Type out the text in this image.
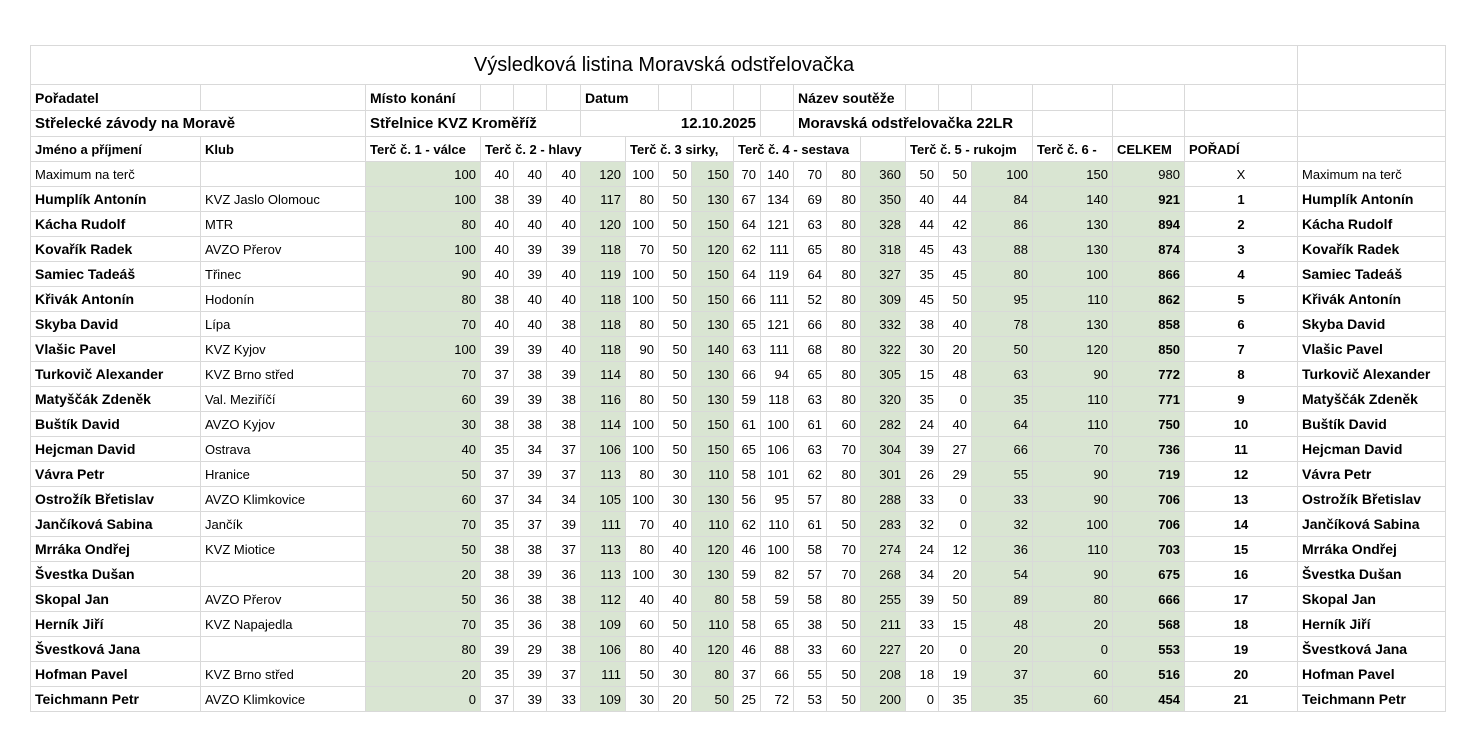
Výsledková listina Moravská odstřelovačka																					
Pořadatel		Místo konání				Datum						Název soutěže									
Střelecké závody na Moravě		Střelnice KVZ Kroměříž				12.10.2025						Moravská odstřelovačka 22LR									
Jméno a příjmení	Klub	Terč č. 1 - válce	Terč č. 2 - hlavy				Terč č. 3 sirky,			Terč č. 4 - sestava					Terč č. 5 - rukojm			Terč č. 6 -	CELKEM	POŘADÍ	
Maximum na terč		100	40	40	40	120	100	50	150	70	140	70	80	360	50	50	100	150	980	X	Maximum na terč
Humplík Antonín	KVZ Jaslo Olomouc	100	38	39	40	117	80	50	130	67	134	69	80	350	40	44	84	140	921	1	Humplík Antonín
Kácha Rudolf	MTR	80	40	40	40	120	100	50	150	64	121	63	80	328	44	42	86	130	894	2	Kácha Rudolf
Kovařík Radek	AVZO Přerov	100	40	39	39	118	70	50	120	62	111	65	80	318	45	43	88	130	874	3	Kovařík Radek
Samiec Tadeáš	Třinec	90	40	39	40	119	100	50	150	64	119	64	80	327	35	45	80	100	866	4	Samiec Tadeáš
Křivák Antonín	Hodonín	80	38	40	40	118	100	50	150	66	111	52	80	309	45	50	95	110	862	5	Křivák Antonín
Skyba David	Lípa	70	40	40	38	118	80	50	130	65	121	66	80	332	38	40	78	130	858	6	Skyba David
Vlašic Pavel	KVZ Kyjov	100	39	39	40	118	90	50	140	63	111	68	80	322	30	20	50	120	850	7	Vlašic Pavel
Turkovič Alexander	KVZ Brno střed	70	37	38	39	114	80	50	130	66	94	65	80	305	15	48	63	90	772	8	Turkovič Alexander
Matyščák Zdeněk	Val. Meziříčí	60	39	39	38	116	80	50	130	59	118	63	80	320	35	0	35	110	771	9	Matyščák Zdeněk
Buštík David	AVZO Kyjov	30	38	38	38	114	100	50	150	61	100	61	60	282	24	40	64	110	750	10	Buštík David
Hejcman David	Ostrava	40	35	34	37	106	100	50	150	65	106	63	70	304	39	27	66	70	736	11	Hejcman David
Vávra Petr	Hranice	50	37	39	37	113	80	30	110	58	101	62	80	301	26	29	55	90	719	12	Vávra Petr
Ostrožík Břetislav	AVZO Klimkovice	60	37	34	34	105	100	30	130	56	95	57	80	288	33	0	33	90	706	13	Ostrožík Břetislav
Jančíková Sabina	Jančík	70	35	37	39	111	70	40	110	62	110	61	50	283	32	0	32	100	706	14	Jančíková Sabina
Mrráka Ondřej	KVZ Miotice	50	38	38	37	113	80	40	120	46	100	58	70	274	24	12	36	110	703	15	Mrráka Ondřej
Švestka Dušan		20	38	39	36	113	100	30	130	59	82	57	70	268	34	20	54	90	675	16	Švestka Dušan
Skopal Jan	AVZO Přerov	50	36	38	38	112	40	40	80	58	59	58	80	255	39	50	89	80	666	17	Skopal Jan
Herník Jiří	KVZ Napajedla	70	35	36	38	109	60	50	110	58	65	38	50	211	33	15	48	20	568	18	Herník Jiří
Švestková Jana		80	39	29	38	106	80	40	120	46	88	33	60	227	20	0	20	0	553	19	Švestková Jana
Hofman Pavel	KVZ Brno střed	20	35	39	37	111	50	30	80	37	66	55	50	208	18	19	37	60	516	20	Hofman Pavel
Teichmann Petr	AVZO Klimkovice	0	37	39	33	109	30	20	50	25	72	53	50	200	0	35	35	60	454	21	Teichmann Petr
